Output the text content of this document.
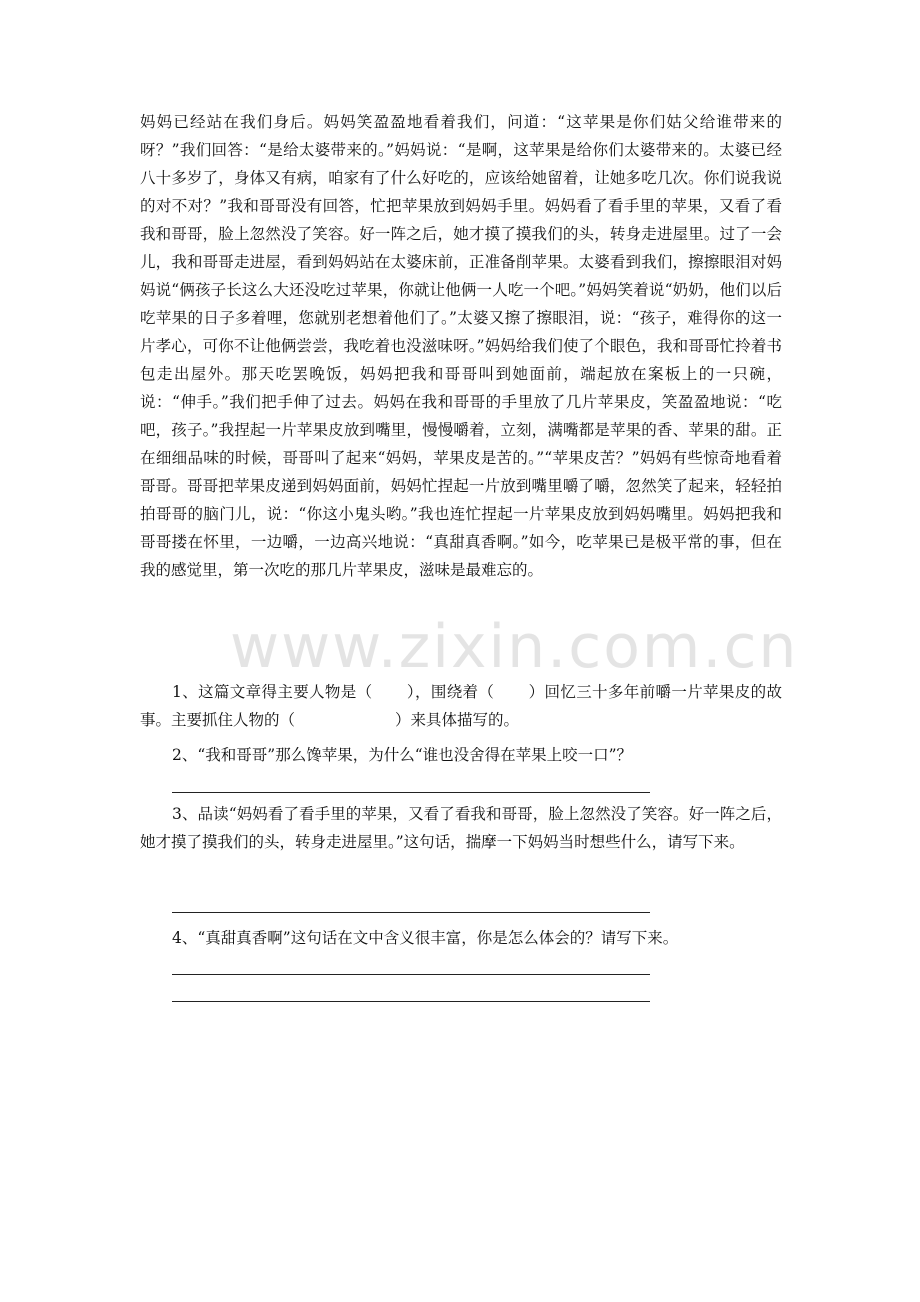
妈妈已经站在我们身后。妈妈笑盈盈地看着我们，问道：“这苹果是你们姑父给谁带来的呀？”我们回答：“是给太婆带来的。”妈妈说：“是啊，这苹果是给你们太婆带来的。太婆已经八十多岁了，身体又有病，咱家有了什么好吃的，应该给她留着，让她多吃几次。你们说我说的对不对？”我和哥哥没有回答，忙把苹果放到妈妈手里。妈妈看了看手里的苹果，又看了看我和哥哥，脸上忽然没了笑容。好一阵之后，她才摸了摸我们的头，转身走进屋里。过了一会儿，我和哥哥走进屋，看到妈妈站在太婆床前，正准备削苹果。太婆看到我们，擦擦眼泪对妈妈说“俩孩子长这么大还没吃过苹果，你就让他俩一人吃一个吧。”妈妈笑着说“奶奶，他们以后吃苹果的日子多着哩，您就别老想着他们了。”太婆又擦了擦眼泪，说：“孩子，难得你的这一片孝心，可你不让他俩尝尝，我吃着也没滋味呀。”妈妈给我们使了个眼色，我和哥哥忙拎着书包走出屋外。那天吃罢晚饭，妈妈把我和哥哥叫到她面前，端起放在案板上的一只碗，说：“伸手。”我们把手伸了过去。妈妈在我和哥哥的手里放了几片苹果皮，笑盈盈地说：“吃吧，孩子。”我捏起一片苹果皮放到嘴里，慢慢嚼着，立刻，满嘴都是苹果的香、苹果的甜。正在细细品味的时候，哥哥叫了起来“妈妈，苹果皮是苦的。”“苹果皮苦？”妈妈有些惊奇地看着哥哥。哥哥把苹果皮递到妈妈面前，妈妈忙捏起一片放到嘴里嚼了嚼，忽然笑了起来，轻轻拍拍哥哥的脑门儿，说：“你这小鬼头哟。”我也连忙捏起一片苹果皮放到妈妈嘴里。妈妈把我和哥哥搂在怀里，一边嚼，一边高兴地说：“真甜真香啊。”如今，吃苹果已是极平常的事，但在我的感觉里，第一次吃的那几片苹果皮，滋味是最难忘的。

www.zixin.com.cn

1、这篇文章得主要人物是（ ），围绕着（ ）回忆三十多年前嚼一片苹果皮的故事。主要抓住人物的（	）来具体描写的。

2、“我和哥哥”那么馋苹果，为什么“谁也没舍得在苹果上咬一口”？

3、品读“妈妈看了看手里的苹果，又看了看我和哥哥，脸上忽然没了笑容。好一阵之后，她才摸了摸我们的头，转身走进屋里。”这句话，揣摩一下妈妈当时想些什么，请写下来。

4、“真甜真香啊”这句话在文中含义很丰富，你是怎么体会的？请写下来。
